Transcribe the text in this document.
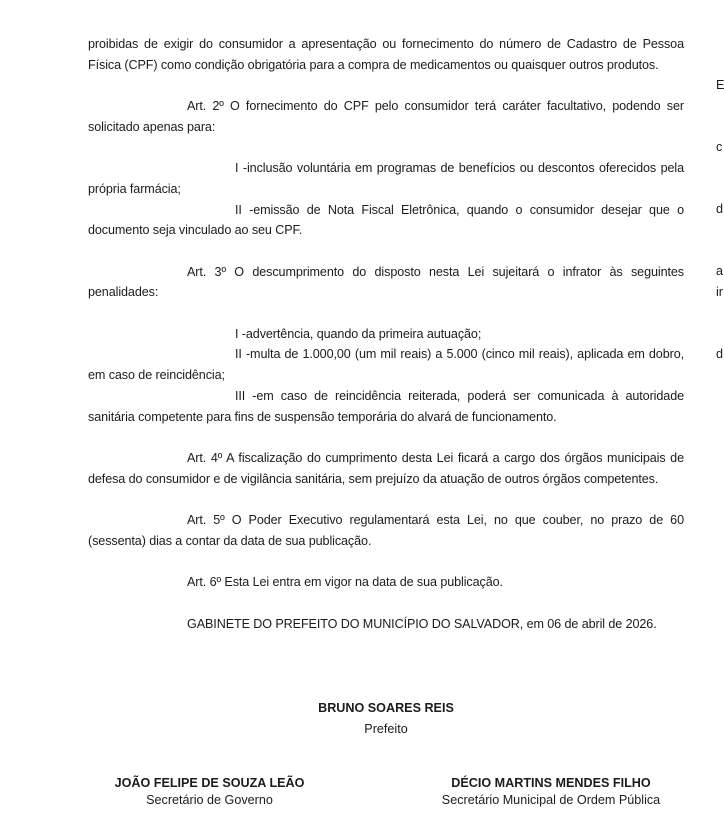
proibidas de exigir do consumidor a apresentação ou fornecimento do número de Cadastro de Pessoa Física (CPF) como condição obrigatória para a compra de medicamentos ou quaisquer outros produtos.

Art. 2º O fornecimento do CPF pelo consumidor terá caráter facultativo, podendo ser solicitado apenas para:

I -inclusão voluntária em programas de benefícios ou descontos oferecidos pela própria farmácia;

II -emissão de Nota Fiscal Eletrônica, quando o consumidor desejar que o documento seja vinculado ao seu CPF.

Art. 3º O descumprimento do disposto nesta Lei sujeitará o infrator às seguintes penalidades:

I -advertência, quando da primeira autuação;

II -multa de 1.000,00 (um mil reais) a 5.000 (cinco mil reais), aplicada em dobro, em caso de reincidência;

III -em caso de reincidência reiterada, poderá ser comunicada à autoridade sanitária competente para fins de suspensão temporária do alvará de funcionamento.

Art. 4º A fiscalização do cumprimento desta Lei ficará a cargo dos órgãos municipais de defesa do consumidor e de vigilância sanitária, sem prejuízo da atuação de outros órgãos competentes.

Art. 5º O Poder Executivo regulamentará esta Lei, no que couber, no prazo de 60 (sessenta) dias a contar da data de sua publicação.

Art. 6º Esta Lei entra em vigor na data de sua publicação.

GABINETE DO PREFEITO DO MUNICÍPIO DO SALVADOR, em 06 de abril de 2026.

BRUNO SOARES REIS

Prefeito

JOÃO FELIPE DE SOUZA LEÃO

Secretário de Governo

DÉCIO MARTINS MENDES FILHO

Secretário Municipal de Ordem Pública

E
c
d
a
ir
d
